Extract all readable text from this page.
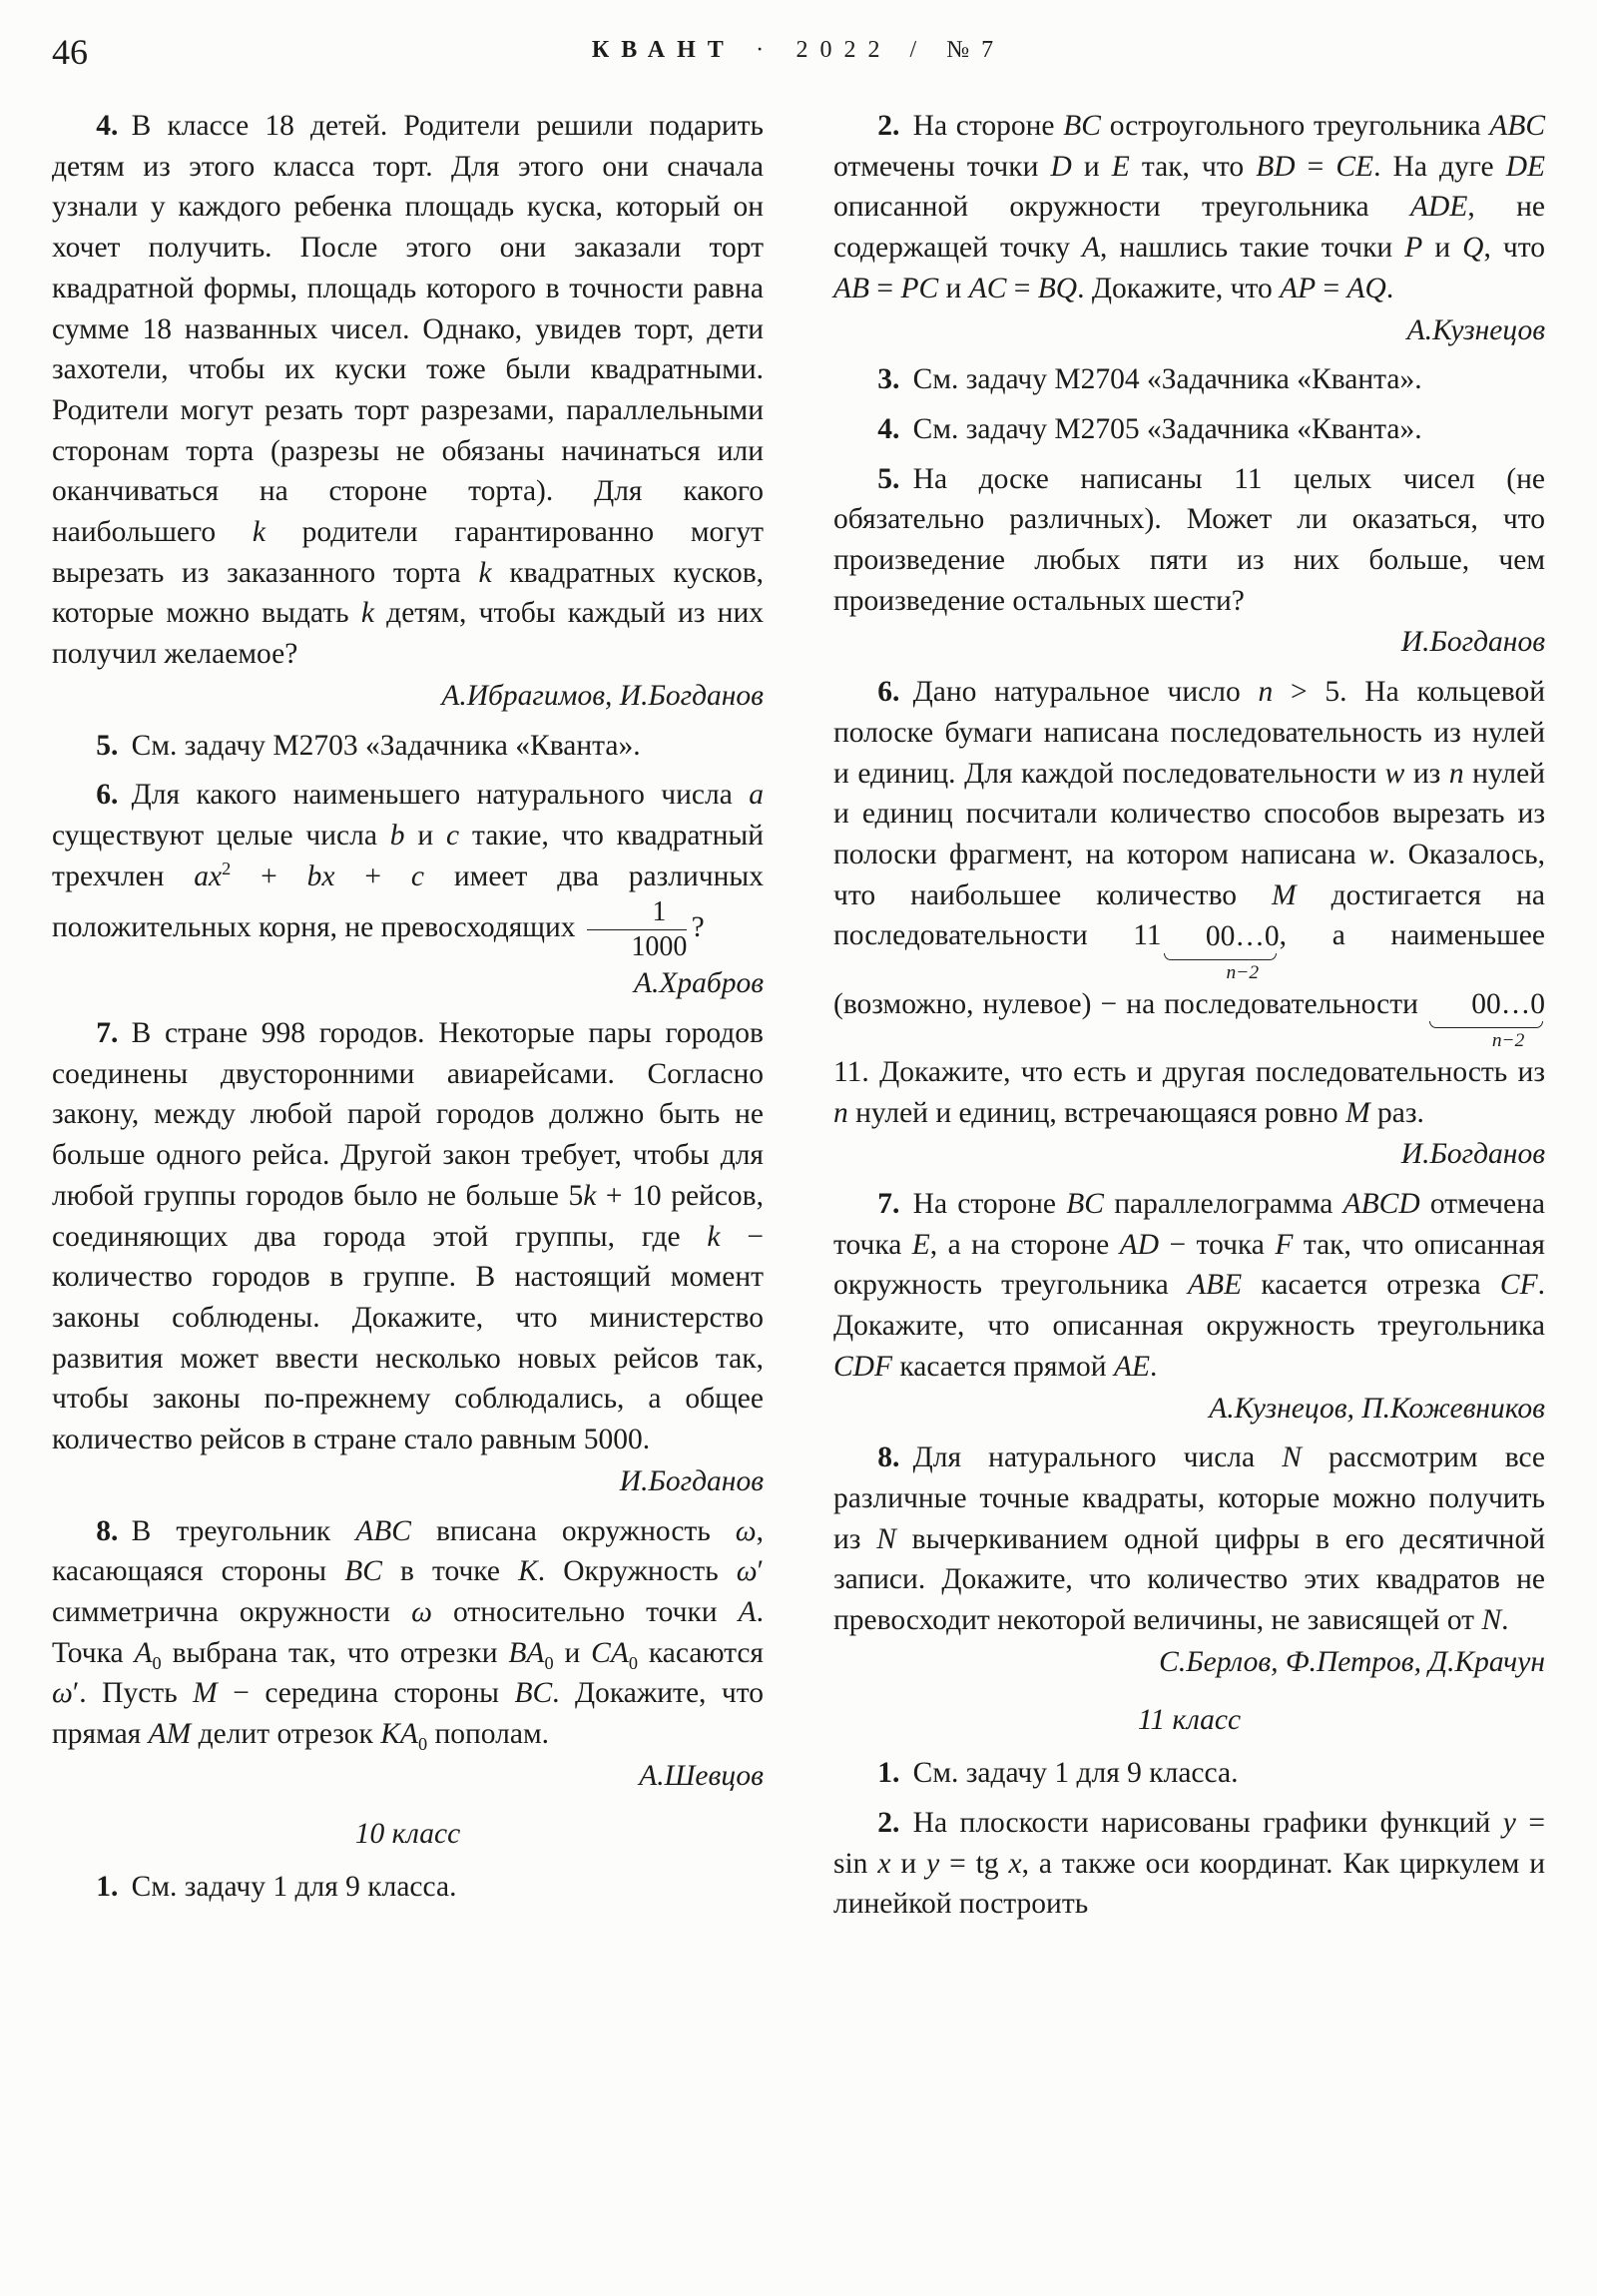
46	КВАНТ · 2022 / №7

4. В классе 18 детей. Родители решили подарить детям из этого класса торт. Для этого они сначала узнали у каждого ребенка площадь куска, который он хочет получить. После этого они заказали торт квадратной формы, площадь которого в точности равна сумме 18 названных чисел. Однако, увидев торт, дети захотели, чтобы их куски тоже были квадратными. Родители могут резать торт разрезами, параллельными сторонам торта (разрезы не обязаны начинаться или оканчиваться на стороне торта). Для какого наибольшего k родители гарантированно могут вырезать из заказанного торта k квадратных кусков, которые можно выдать k детям, чтобы каждый из них получил желаемое?

А.Ибрагимов, И.Богданов

5. См. задачу М2703 «Задачника «Кванта».

6. Для какого наименьшего натурального числа a существуют целые числа b и c такие, что квадратный трехчлен $ax^2$ + bx + c имеет два различных положительных корня, не превосходящих $\frac{1}{1000}$ ?

А.Храбров

7. В стране 998 городов. Некоторые пары городов соединены двусторонними авиарейсами. Согласно закону, между любой парой городов должно быть не больше одного рейса. Другой закон требует, чтобы для любой группы городов было не больше 5k + 10 рейсов, соединяющих два города этой группы, где k − количество городов в группе. В настоящий момент законы соблюдены. Докажите, что министерство развития может ввести несколько новых рейсов так, чтобы законы по-прежнему соблюдались, а общее количество рейсов в стране стало равным 5000.

И.Богданов

8. В треугольник ABC вписана окружность ω, касающаяся стороны BC в точке K. Окружность ω′ симметрична окружности ω относительно точки A. Точка $A_0$ выбрана так, что отрезки $BA_0$ и $CA_0$ касаются ω′. Пусть M − середина стороны BC. Докажите, что прямая AM делит отрезок $KA_0$ пополам.

А.Шевцов

10 класс

1. См. задачу 1 для 9 класса.

2. На стороне BC остроугольного треугольника ABC отмечены точки D и E так, что BD = CE. На дуге DE описанной окружности треугольника ADE, не содержащей точку A, нашлись такие точки P и Q, что AB = PC и AC = BQ. Докажите, что AP = AQ.

А.Кузнецов

3. См. задачу М2704 «Задачника «Кванта».

4. См. задачу М2705 «Задачника «Кванта».

5. На доске написаны 11 целых чисел (не обязательно различных). Может ли оказаться, что произведение любых пяти из них больше, чем произведение остальных шести?

И.Богданов

6. Дано натуральное число n > 5. На кольцевой полоске бумаги написана последовательность из нулей и единиц. Для каждой последовательности w из n нулей и единиц посчитали количество способов вырезать из полоски фрагмент, на котором написана w. Оказалось, что наибольшее количество M достигается на последовательности 11	00…0
n−2
, а наименьшее (возможно, нулевое) − на последовательности	00…0
n−2
11. Докажите, что есть и другая последовательность из n нулей и единиц, встречающаяся ровно M раз.

И.Богданов

7. На стороне BC параллелограмма ABCD отмечена точка E, а на стороне AD − точка F так, что описанная окружность треугольника ABE касается отрезка CF. Докажите, что описанная окружность треугольника CDF касается прямой AE.

А.Кузнецов, П.Кожевников

8. Для натурального числа N рассмотрим все различные точные квадраты, которые можно получить из N вычеркиванием одной цифры в его десятичной записи. Докажите, что количество этих квадратов не превосходит некоторой величины, не зависящей от N.

С.Берлов, Ф.Петров, Д.Крачун

11 класс

1. См. задачу 1 для 9 класса.

2. На плоскости нарисованы графики функций y = sin x и y = tg x, а также оси координат. Как циркулем и линейкой построить
